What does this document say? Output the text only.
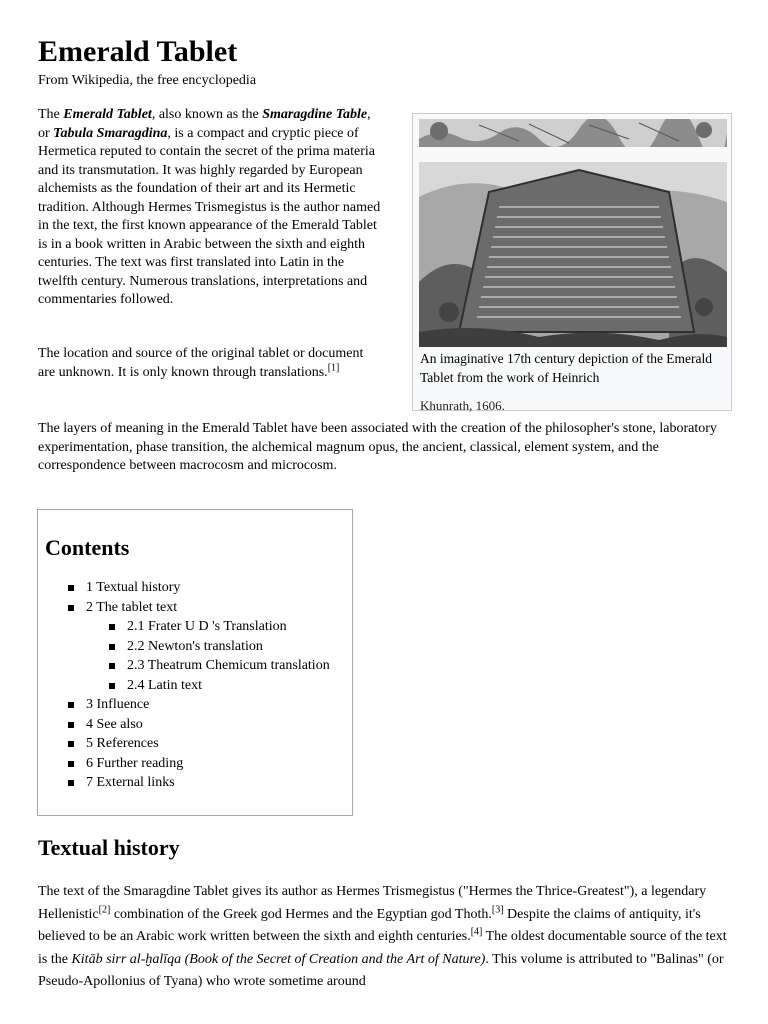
Emerald Tablet

From Wikipedia, the free encyclopedia

The Emerald Tablet, also known as the Smaragdine Table, or Tabula Smaragdina, is a compact and cryptic piece of Hermetica reputed to contain the secret of the prima materia and its transmutation. It was highly regarded by European alchemists as the foundation of their art and its Hermetic tradition. Although Hermes Trismegistus is the author named in the text, the first known appearance of the Emerald Tablet is in a book written in Arabic between the sixth and eighth centuries. The text was first translated into Latin in the twelfth century. Numerous translations, interpretations and commentaries followed.

The location and source of the original tablet or document are unknown. It is only known through translations.[1]

The layers of meaning in the Emerald Tablet have been associated with the creation of the philosopher's stone, laboratory experimentation, phase transition, the alchemical magnum opus, the ancient, classical, element system, and the correspondence between macrocosm and microcosm.

An imaginative 17th century depiction of the Emerald Tablet from the work of Heinrich

Khunrath, 1606.
Contents
1 Textual history
2 The tablet text
2.1 Frater U D 's Translation
2.2 Newton's translation
2.3 Theatrum Chemicum translation
2.4 Latin text
3 Influence
4 See also
5 References
6 Further reading
7 External links
Textual history

The text of the Smaragdine Tablet gives its author as Hermes Trismegistus ("Hermes the Thrice-Greatest"), a legendary Hellenistic[2] combination of the Greek god Hermes and the Egyptian god Thoth.[3] Despite the claims of antiquity, it's believed to be an Arabic work written between the sixth and eighth centuries.[4] The oldest documentable source of the text is the Kitāb sirr al-ḫalīqa (Book of the Secret of Creation and the Art of Nature). This volume is attributed to "Balinas" (or Pseudo-Apollonius of Tyana) who wrote sometime around
